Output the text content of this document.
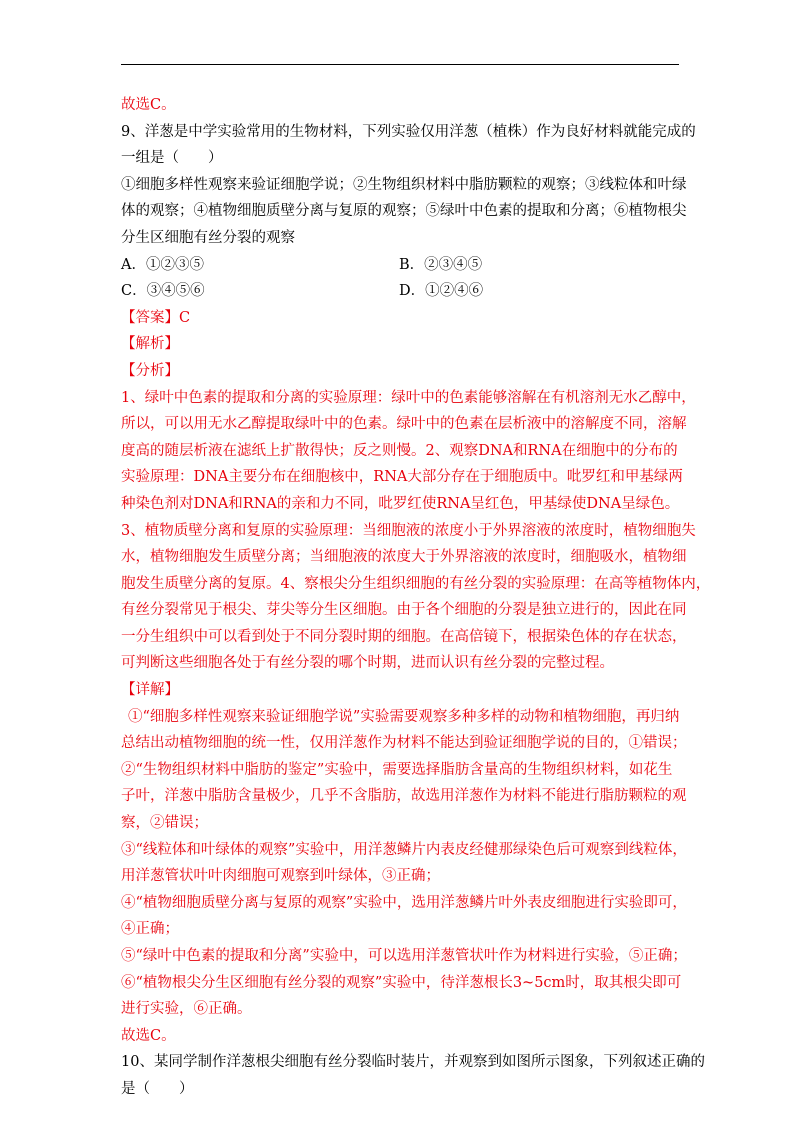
故选C。
9、洋葱是中学实验常用的生物材料，下列实验仅用洋葱（植株）作为良好材料就能完成的
一组是（　　）
①细胞多样性观察来验证细胞学说；②生物组织材料中脂肪颗粒的观察；③线粒体和叶绿
体的观察；④植物细胞质壁分离与复原的观察；⑤绿叶中色素的提取和分离；⑥植物根尖
分生区细胞有丝分裂的观察
A．①②③⑤	B．②③④⑤
C．③④⑤⑥	D．①②④⑥
【答案】C
【解析】
【分析】
1、绿叶中色素的提取和分离的实验原理：绿叶中的色素能够溶解在有机溶剂无水乙醇中，
所以，可以用无水乙醇提取绿叶中的色素。绿叶中的色素在层析液中的溶解度不同，溶解
度高的随层析液在滤纸上扩散得快；反之则慢。2、观察DNA和RNA在细胞中的分布的
实验原理：DNA主要分布在细胞核中，RNA大部分存在于细胞质中。吡罗红和甲基绿两
种染色剂对DNA和RNA的亲和力不同，吡罗红使RNA呈红色，甲基绿使DNA呈绿色。
3、植物质壁分离和复原的实验原理：当细胞液的浓度小于外界溶液的浓度时，植物细胞失
水，植物细胞发生质壁分离；当细胞液的浓度大于外界溶液的浓度时，细胞吸水，植物细
胞发生质壁分离的复原。4、察根尖分生组织细胞的有丝分裂的实验原理：在高等植物体内，
有丝分裂常见于根尖、芽尖等分生区细胞。由于各个细胞的分裂是独立进行的，因此在同
一分生组织中可以看到处于不同分裂时期的细胞。在高倍镜下，根据染色体的存在状态，
可判断这些细胞各处于有丝分裂的哪个时期，进而认识有丝分裂的完整过程。
【详解】
①“细胞多样性观察来验证细胞学说”实验需要观察多种多样的动物和植物细胞，再归纳
总结出动植物细胞的统一性，仅用洋葱作为材料不能达到验证细胞学说的目的，①错误；
②“生物组织材料中脂肪的鉴定”实验中，需要选择脂肪含量高的生物组织材料，如花生
子叶，洋葱中脂肪含量极少，几乎不含脂肪，故选用洋葱作为材料不能进行脂肪颗粒的观
察，②错误；
③“线粒体和叶绿体的观察”实验中，用洋葱鳞片内表皮经健那绿染色后可观察到线粒体，
用洋葱管状叶叶肉细胞可观察到叶绿体，③正确；
④“植物细胞质壁分离与复原的观察”实验中，选用洋葱鳞片叶外表皮细胞进行实验即可，
④正确；
⑤“绿叶中色素的提取和分离”实验中，可以选用洋葱管状叶作为材料进行实验，⑤正确；
⑥“植物根尖分生区细胞有丝分裂的观察”实验中，待洋葱根长3~5cm时，取其根尖即可
进行实验，⑥正确。
故选C。
10、某同学制作洋葱根尖细胞有丝分裂临时装片，并观察到如图所示图象，下列叙述正确的
是（　　）
